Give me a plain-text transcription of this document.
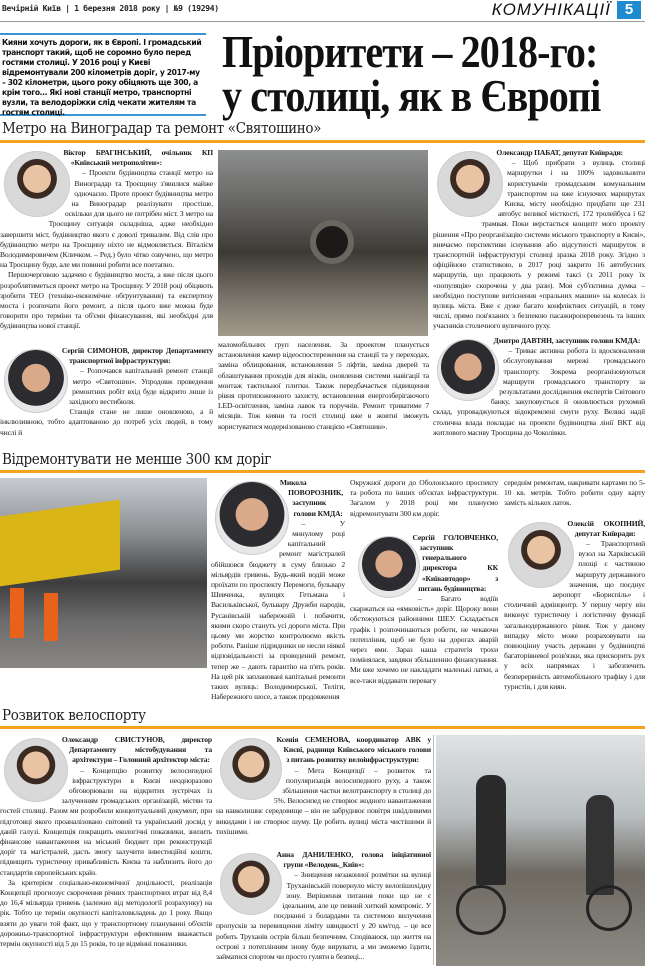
Вечірній Київ | 1 березня 2018 року | №9 (19294)	КОМУНІКАЦІЇ 5
Кияни хочуть дороги, як в Європі. І громадський транспорт такий, щоб не соромно було перед гостями столиці. У 2016 році у Києві відремонтували 200 кілометрів доріг, у 2017-му – 302 кілометри, цього року обіцяють ще 300, а крім того… Які нові станції метро, транспортні вузли, та велодоріжки слід чекати жителям та гостям столиці.
Пріоритети – 2018-го:
у столиці, як в Європі
Метро на Виноградар та ремонт «Святошино»

Віктор БРАГІНСЬКИЙ, очільник КП «Київський метрополітен»:

– Проекти будівництва станції метро на Виноградар та Троєщину з'явилися майже одночасно. Проте проект будівництва метро на Виноградар реалізувати простіше, оскільки для цього не потрібен міст. З метро на Троєщину ситуація складніша, адже необхідно завершити міст, будівництво якого є доволі тривалим. Від слів про будівництво метро на Троєщину ніхто не відмовляється. Віталієм Володимировичем (Кличком. – Ред.) було чітко озвучено, що метро на Троєщину буде, але ми повинні робити все поетапно.

Першочерговою задачею є будівництво моста, а вже після цього розроблятиметься проект метро на Троєщину. У 2018 році обіцяють зробити ТЕО (техніко-економічне обґрунтування) та експертизу моста і розпочати його ремонт, а після цього вже можна буде говорити про терміни та об'єми фінансування, які необхідні для будівництва нової станції.

Сергій СИМОНОВ, директор Департаменту транспортної інфраструктури:

– Розпочався капітальний ремонт станції метро «Святошин». Упродовж проведення ремонтних робіт вхід буде відкрито лише із західного вестибюля.

Станція стане не лише оновленою, а й інклюзивною, тобто адаптованою до потреб усіх людей, в тому числі й

маломобільних груп населення. За проектом планується встановлення камер відеоспостереження на станції та у переходах, заміна облицювання, встановлення 5 ліфтів, заміна дверей та облаштування проходів для візків, оновлення системи навігації та монтаж тактильної плитки. Також передбачається підвищення рівня протипожежного захисту, встановлення енергозберігаючого LED-освітлення, заміна лавок та поручнів. Ремонт триватиме 7 місяців. Тож кияни та гості столиці вже в жовтні зможуть користуватися модернізованою станцією «Святошин».

Олександр ПАБАТ, депутат Київради:

– Щоб прибрати з вулиць столиці маршрутки і на 100% задовольнити користувачів громадським комунальним транспортом на вже існуючих маршрутах Києва, місту необхідно придбати ще 231 автобус великої місткості, 172 тролейбуса і 62 трамвая. Поки верстається концепт мого проекту рішення «Про реорганізацію системи міського транспорту в Києві», вивчаємо перспективи існування або відсутності маршруток в транспортній інфраструктурі столиці зразка 2018 року. Згідно з офіційною статистикою, в 2017 році закрито 16 автобусних маршрутів, що працюють у режимі таксі (з 2011 року їх «популяція» скорочена у два рази). Моя суб'єктивна думка – необхідно поступове витіснення «пральних машин» на колесах із вулиць міста. Вже є дуже багато конфліктних ситуацій, в тому числі, прямо пов'язаних з безпекою пасажироперевезень та інших учасників столичного вуличного руху.

Дмитро ДАВТЯН, заступник голови КМДА:

– Триває активна робота із вдосконалення обслуговування мережі громадського транспорту. Зокрема реорганізовуються маршрути громадського транспорту за результатами дослідження експертів Світового банку, закуповується й оновлюється рухомий склад, упроваджуються відокремлені смуги руху. Великі надії столична влада покладає на проекти будівництва лінії ВКТ від житлового масиву Троєщина до Чоколівки.

Відремонтувати не менше 300 км доріг

Микола ПОВОРОЗНИК, заступник голови КМДА:

– У минулому році капітальний ремонт магістралей обійшовся бюджету в суму близько 2 мільярдів гривень. Будь-який водій може проїхати по проспекту Перемоги, бульвару Шевченка, вулицях Гетьмана і Васильківської, бульвару Дружби народів, Русанівській набережній і побачити, якими скоро стануть усі дороги міста. При цьому ми жорстко контролюємо якість роботи. Раніше підрядники не несли ніякої відповідальності за проведений ремонт, тепер же – дають гарантію на п'ять років. На цей рік заплановані капітальні ремонти таких вулиць: Володимирської, Теліги, Набережного шосе, а також продовження

Окружної дороги до Оболонського проспекту та робота по інших об'єктах інфраструктури. Загалом у 2018 році ми плануємо відремонтувати 300 км доріг.

Сергій ГОЛОВЧЕНКО, заступник генерального директора КК «Київавтодор» з питань будівництва:

– Багато водіїв скаржаться на «ямковість» доріг. Щороку вони обстежуються районними ШЕУ. Складається графік і розпочинаються роботи, не чекаючи потепління, щоб не було на дорогах аварій через ями. Зараз наша стратегія трохи помінялася, завдяки збільшенню фінансування. Ми вже хочемо не накладати маленькі латки, а все-таки віддавати перевагу

середнім ремонтам, накривати картами по 5-10 кв. метрів. Тобто робити одну карту замість кількох латок.

Олексій ОКОПНИЙ, депутат Київради:

– Транспортний вузол на Харківській площі є частиною маршруту державного значення, що поєднує аеропорт «Бориспіль» і столичний адмінцентр. У першу чергу він виконує туристичну і логістичну функції загальнодержавного рівня. Тож у даному випадку місто може розраховувати на повноцінну участь держави у будівництві багаторівневої розв'язки, яка прискорить рух у всіх напрямках і забезпечить безперервність автомобільного трафіку і для туристів, і для киян.

Розвиток велоспорту

Олександр СВИСТУНОВ, директор Департаменту містобудування та архітектури – Головний архітектор міста:

– Концепцію розвитку велосипедної інфраструктури в Києві неодноразово обговорювали на відкритих зустрічах із залученням громадських організацій, містян та гостей столиці. Разом ми розробили концептуальний документ, при підготовці якого проаналізовано світовий та український досвід у даній галузі. Концепція покращить екологічні показники, знизить фінансове навантаження на міський бюджет при реконструкції доріг та магістралей, дасть змогу залучити інвестиційні кошти, підвищить туристичну привабливість Києва та наблизить його до стандартів європейських країн.

За критерієм соціально-економічної доцільності, реалізація Концепції прогнозує скорочення річних транспортних втрат від 8,4 до 16,4 мільярда гривень (залежно від методології розрахунку) на рік. Тобто це термін окупності капіталовкладень до 1 року. Якщо взяти до уваги той факт, що у транспортному плануванні об'єктів дорожньо-транспортної інфраструктури ефективним вважається термін окупності від 5 до 15 років, то це відмінні показники.

Ксенія СЕМЕНОВА, координатор АВК у Києві, радниця Київського міського голови з питань розвитку велоінфраструктури:

– Мета Концепції – розвиток та популяризація велосипедного руху, а також збільшення частки велотранспорту в столиці до 5%. Велосипед не створює жодного навантаження на навколишнє середовище – він не забруднює повітря шкідливими викидами і не створює шуму. Це робить вулиці міста чистішими й тихішими.

Анна ДАНИЛЕНКО, голова ініціативної групи «Велодень_Київ»:

– Знищення незаконної розмітки на вулиці Труханівській повернуло місту велопішохідну зону. Вирішення питання поки що не є ідеальним, але це певний хиткий компроміс. У поєднанні з болардами та системою вилучення пропусків за перевищення ліміту швидкості у 20 км/год. – це все робить Труханів острів більш безпечним. Сподіваюся, що життя на острові з потеплінням знову буде вирувати, а ми зможемо їздити, займатися спортом чи просто гуляти в безпеці...
